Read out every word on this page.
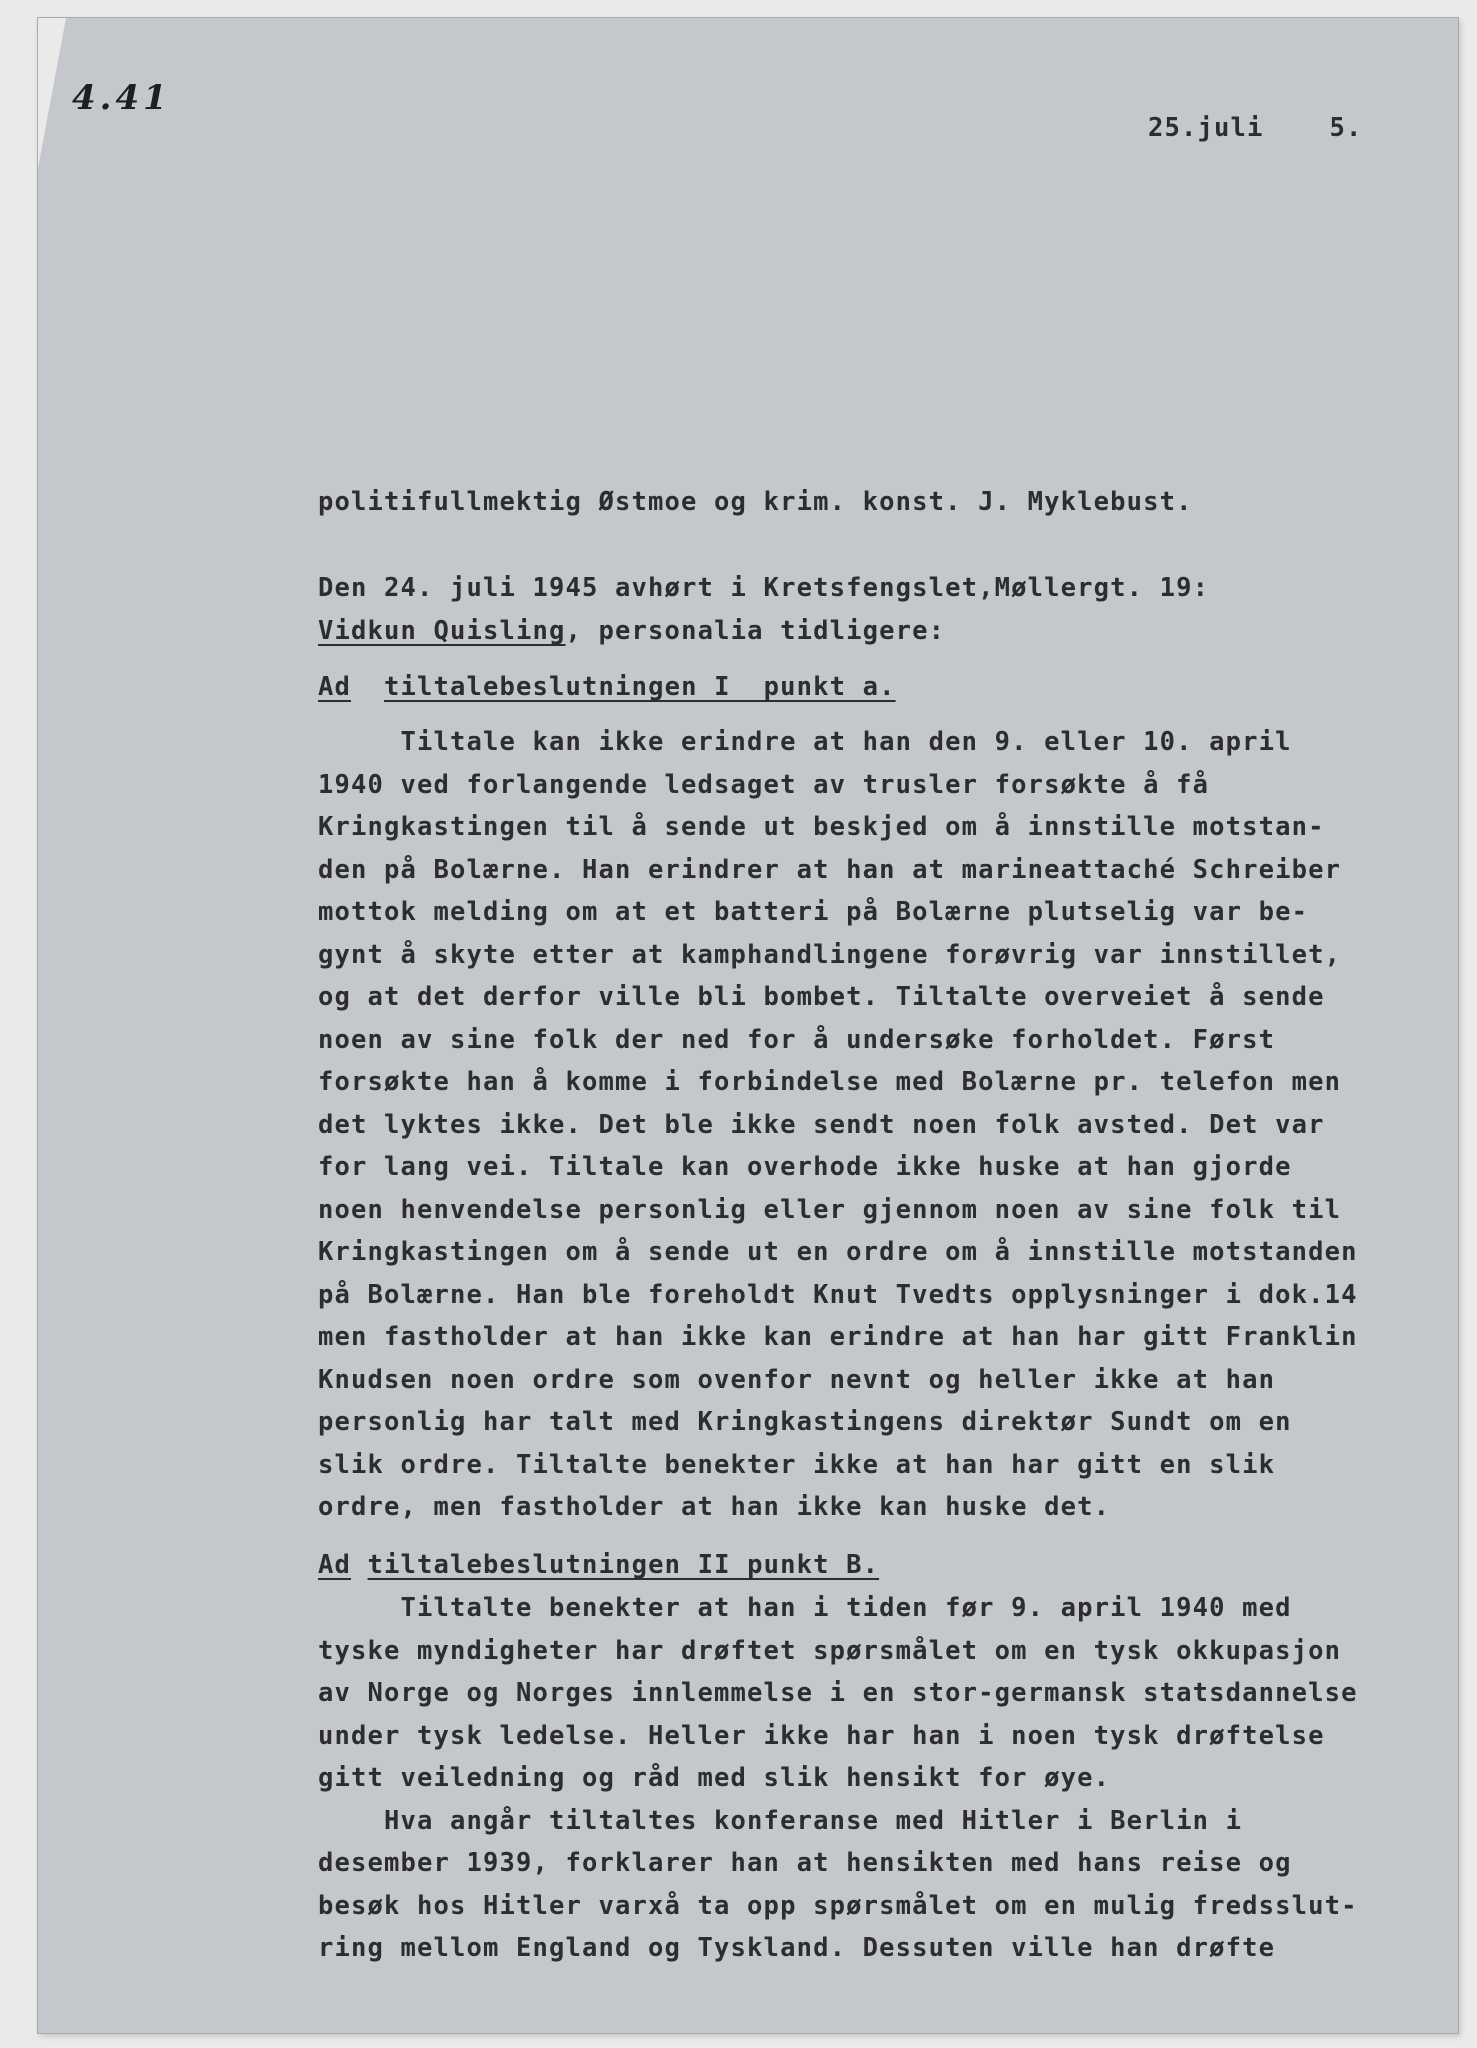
4.41
25.juli	5.
politifullmektig Østmoe og krim. konst. J. Myklebust.
Den 24. juli 1945 avhørt i Kretsfengslet,Møllergt. 19:
Vidkun Quisling, personalia tidligere:
Ad tiltalebeslutningen I  punkt a.
Tiltale kan ikke erindre at han den 9. eller 10. april
1940 ved forlangende ledsaget av trusler forsøkte å få
Kringkastingen til å sende ut beskjed om å innstille motstan-
den på Bolærne. Han erindrer at han at marineattaché Schreiber
mottok melding om at et batteri på Bolærne plutselig var be-
gynt å skyte etter at kamphandlingene forøvrig var innstillet,
og at det derfor ville bli bombet. Tiltalte overveiet å sende
noen av sine folk der ned for å undersøke forholdet. Først
forsøkte han å komme i forbindelse med Bolærne pr. telefon men
det lyktes ikke. Det ble ikke sendt noen folk avsted. Det var
for lang vei. Tiltale kan overhode ikke huske at han gjorde
noen henvendelse personlig eller gjennom noen av sine folk til
Kringkastingen om å sende ut en ordre om å innstille motstanden
på Bolærne. Han ble foreholdt Knut Tvedts opplysninger i dok.14
men fastholder at han ikke kan erindre at han har gitt Franklin
Knudsen noen ordre som ovenfor nevnt og heller ikke at han
personlig har talt med Kringkastingens direktør Sundt om en
slik ordre. Tiltalte benekter ikke at han har gitt en slik
ordre, men fastholder at han ikke kan huske det.
Ad tiltalebeslutningen II punkt B.
Tiltalte benekter at han i tiden før 9. april 1940 med
tyske myndigheter har drøftet spørsmålet om en tysk okkupasjon
av Norge og Norges innlemmelse i en stor-germansk statsdannelse
under tysk ledelse. Heller ikke har han i noen tysk drøftelse
gitt veiledning og råd med slik hensikt for øye.
Hva angår tiltaltes konferanse med Hitler i Berlin i
desember 1939, forklarer han at hensikten med hans reise og
besøk hos Hitler varxå ta opp spørsmålet om en mulig fredsslut-
ring mellom England og Tyskland. Dessuten ville han drøfte
